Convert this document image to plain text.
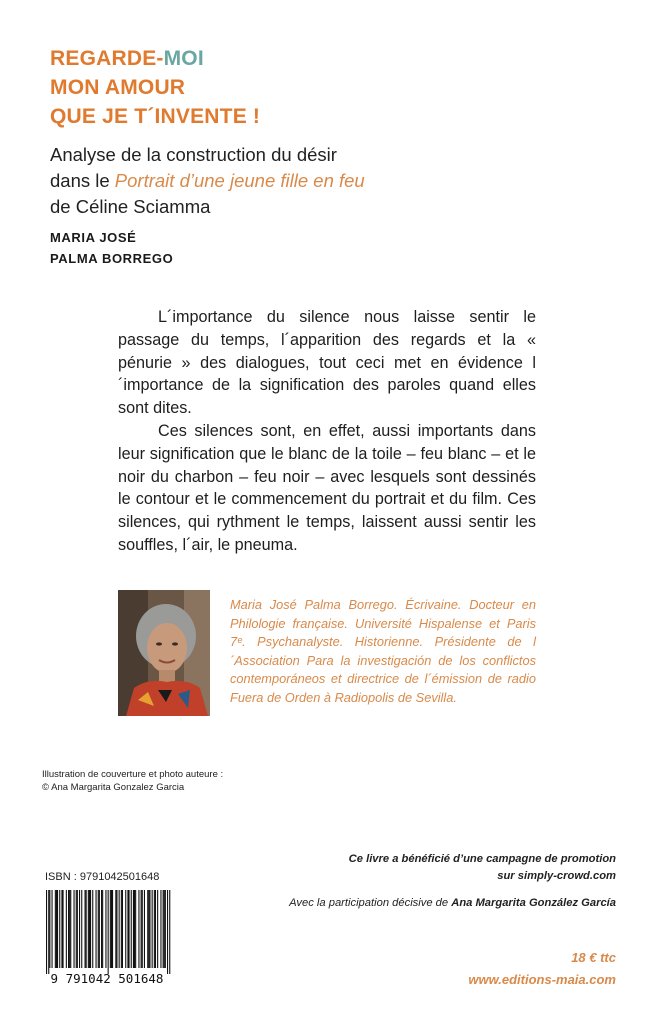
REGARDE-MOI
MON AMOUR
QUE JE T´INVENTE !
Analyse de la construction du désir
dans le Portrait d’une jeune fille en feu
de Céline Sciamma
MARIA JOSÉ
PALMA BORREGO

L´importance du silence nous laisse sentir le passage du temps, l´apparition des regards et la « pénurie » des dialogues, tout ceci met en évidence l´importance de la signification des paroles quand elles sont dites.

Ces silences sont, en effet, aussi importants dans leur signification que le blanc de la toile – feu blanc – et le noir du charbon – feu noir – avec lesquels sont dessinés le contour et le commencement du portrait et du film. Ces silences, qui rythment le temps, laissent aussi sentir les souffles, l´air, le pneuma.

Maria José Palma Borrego. Écrivaine. Docteur en Philologie française. Université Hispalense et Paris 7ᵉ. Psychanalyste. Historienne. Présidente de l´Association Para la investigación de los conflictos contemporáneos et directrice de l´émission de radio Fuera de Orden à Radiopolis de Sevilla.
Illustration de couverture et photo auteure :
© Ana Margarita Gonzalez Garcia
Ce livre a bénéficié d’une campagne de promotion
sur simply-crowd.com
Avec la participation décisive de Ana Margarita González García
ISBN : 9791042501648
9 791042 501648
18 € ttc
www.editions-maia.com
